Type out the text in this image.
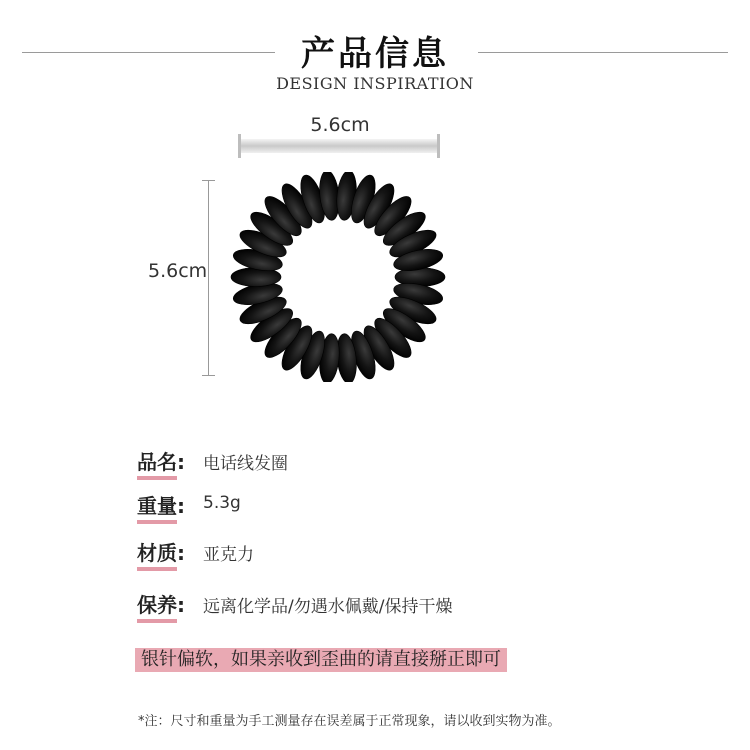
产品信息
DESIGN INSPIRATION
5.6cm
5.6cm
品名: 电话线发圈
重量: 5.3g
材质: 亚克力
保养: 远离化学品/勿遇水佩戴/保持干燥
银针偏软，如果亲收到歪曲的请直接掰正即可
*注：尺寸和重量为手工测量存在误差属于正常现象，请以收到实物为准。
